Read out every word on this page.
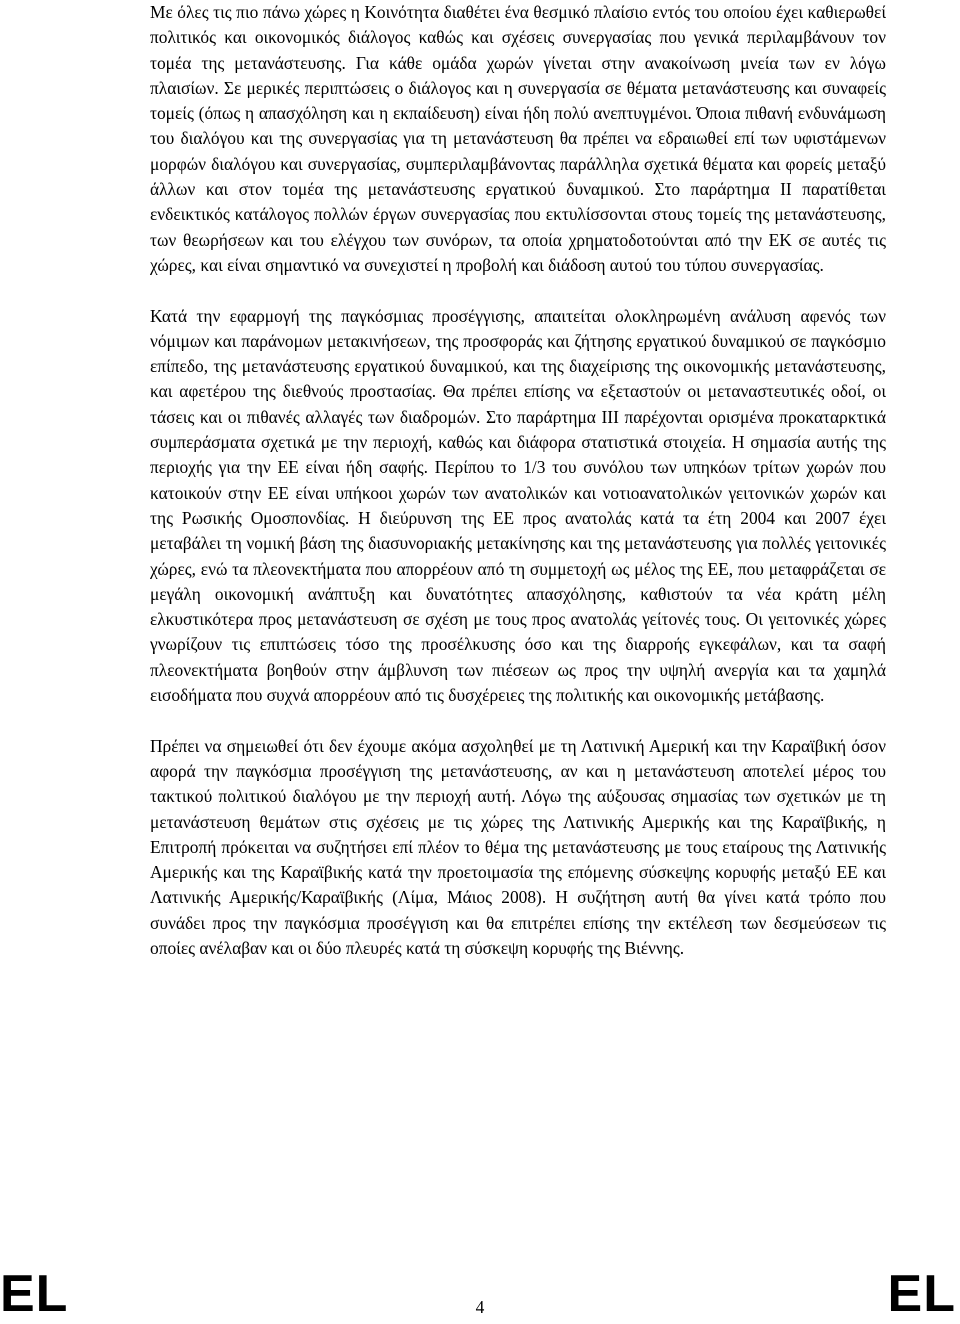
Με όλες τις πιο πάνω χώρες η Κοινότητα διαθέτει ένα θεσμικό πλαίσιο εντός του οποίου έχει καθιερωθεί πολιτικός και οικονομικός διάλογος καθώς και σχέσεις συνεργασίας που γενικά περιλαμβάνουν τον τομέα της μετανάστευσης. Για κάθε ομάδα χωρών γίνεται στην ανακοίνωση μνεία των εν λόγω πλαισίων. Σε μερικές περιπτώσεις ο διάλογος και η συνεργασία σε θέματα μετανάστευσης και συναφείς τομείς (όπως η απασχόληση και η εκπαίδευση) είναι ήδη πολύ ανεπτυγμένοι. Όποια πιθανή ενδυνάμωση του διαλόγου και της συνεργασίας για τη μετανάστευση θα πρέπει να εδραιωθεί επί των υφιστάμενων μορφών διαλόγου και συνεργασίας, συμπεριλαμβάνοντας παράλληλα σχετικά θέματα και φορείς μεταξύ άλλων και στον τομέα της μετανάστευσης εργατικού δυναμικού. Στο παράρτημα ΙΙ παρατίθεται ενδεικτικός κατάλογος πολλών έργων συνεργασίας που εκτυλίσσονται στους τομείς της μετανάστευσης, των θεωρήσεων και του ελέγχου των συνόρων, τα οποία χρηματοδοτούνται από την ΕΚ σε αυτές τις χώρες, και είναι σημαντικό να συνεχιστεί η προβολή και διάδοση αυτού του τύπου συνεργασίας.

Κατά την εφαρμογή της παγκόσμιας προσέγγισης, απαιτείται ολοκληρωμένη ανάλυση αφενός των νόμιμων και παράνομων μετακινήσεων, της προσφοράς και ζήτησης εργατικού δυναμικού σε παγκόσμιο επίπεδο, της μετανάστευσης εργατικού δυναμικού, και της διαχείρισης της οικονομικής μετανάστευσης, και αφετέρου της διεθνούς προστασίας. Θα πρέπει επίσης να εξεταστούν οι μεταναστευτικές οδοί, οι τάσεις και οι πιθανές αλλαγές των διαδρομών. Στο παράρτημα ΙΙΙ παρέχονται ορισμένα προκαταρκτικά συμπεράσματα σχετικά με την περιοχή, καθώς και διάφορα στατιστικά στοιχεία. Η σημασία αυτής της περιοχής για την ΕΕ είναι ήδη σαφής. Περίπου το 1/3 του συνόλου των υπηκόων τρίτων χωρών που κατοικούν στην ΕΕ είναι υπήκοοι χωρών των ανατολικών και νοτιοανατολικών γειτονικών χωρών και της Ρωσικής Ομοσπονδίας. Η διεύρυνση της ΕΕ προς ανατολάς κατά τα έτη 2004 και 2007 έχει μεταβάλει τη νομική βάση της διασυνοριακής μετακίνησης και της μετανάστευσης για πολλές γειτονικές χώρες, ενώ τα πλεονεκτήματα που απορρέουν από τη συμμετοχή ως μέλος της ΕΕ, που μεταφράζεται σε μεγάλη οικονομική ανάπτυξη και δυνατότητες απασχόλησης, καθιστούν τα νέα κράτη μέλη ελκυστικότερα προς μετανάστευση σε σχέση με τους προς ανατολάς γείτονές τους. Οι γειτονικές χώρες γνωρίζουν τις επιπτώσεις τόσο της προσέλκυσης όσο και της διαρροής εγκεφάλων, και τα σαφή πλεονεκτήματα βοηθούν στην άμβλυνση των πιέσεων ως προς την υψηλή ανεργία και τα χαμηλά εισοδήματα που συχνά απορρέουν από τις δυσχέρειες της πολιτικής και οικονομικής μετάβασης.

Πρέπει να σημειωθεί ότι δεν έχουμε ακόμα ασχοληθεί με τη Λατινική Αμερική και την Καραϊβική όσον αφορά την παγκόσμια προσέγγιση της μετανάστευσης, αν και η μετανάστευση αποτελεί μέρος του τακτικού πολιτικού διαλόγου με την περιοχή αυτή. Λόγω της αύξουσας σημασίας των σχετικών με τη μετανάστευση θεμάτων στις σχέσεις με τις χώρες της Λατινικής Αμερικής και της Καραϊβικής, η Επιτροπή πρόκειται να συζητήσει επί πλέον το θέμα της μετανάστευσης με τους εταίρους της Λατινικής Αμερικής και της Καραϊβικής κατά την προετοιμασία της επόμενης σύσκεψης κορυφής μεταξύ ΕΕ και Λατινικής Αμερικής/Καραϊβικής (Λίμα, Μάιος 2008). Η συζήτηση αυτή θα γίνει κατά τρόπο που συνάδει προς την παγκόσμια προσέγγιση και θα επιτρέπει επίσης την εκτέλεση των δεσμεύσεων τις οποίες ανέλαβαν και οι δύο πλευρές κατά τη σύσκεψη κορυφής της Βιέννης.

EL	4	EL
